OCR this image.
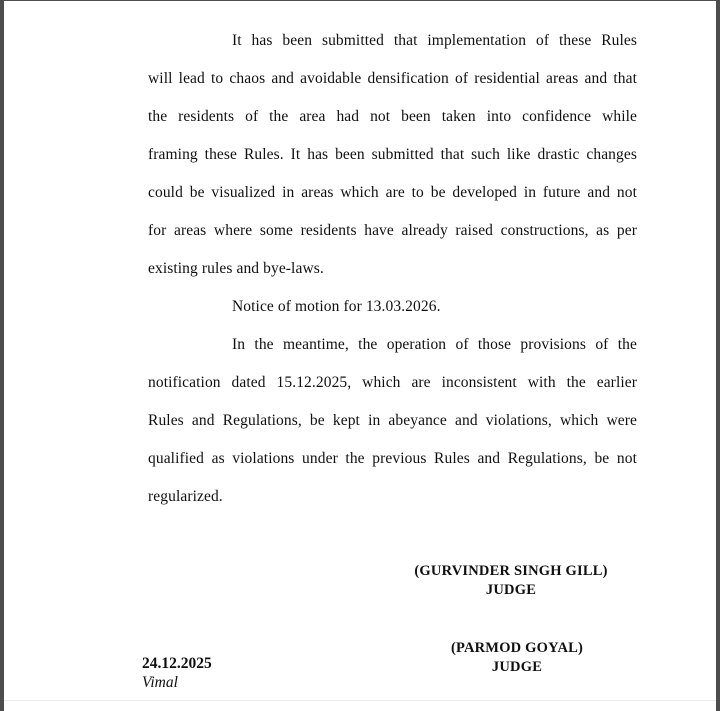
It has been submitted that implementation of these Rules
will lead to chaos and avoidable densification of residential areas and that
the residents of the area had not been taken into confidence while
framing these Rules. It has been submitted that such like drastic changes
could be visualized in areas which are to be developed in future and not
for areas where some residents have already raised constructions, as per
existing rules and bye-laws.
Notice of motion for 13.03.2026.
In the meantime, the operation of those provisions of the
notification dated 15.12.2025, which are inconsistent with the earlier
Rules and Regulations, be kept in abeyance and violations, which were
qualified as violations under the previous Rules and Regulations, be not
regularized.
(GURVINDER SINGH GILL)
JUDGE
(PARMOD GOYAL)
JUDGE
24.12.2025
Vimal
